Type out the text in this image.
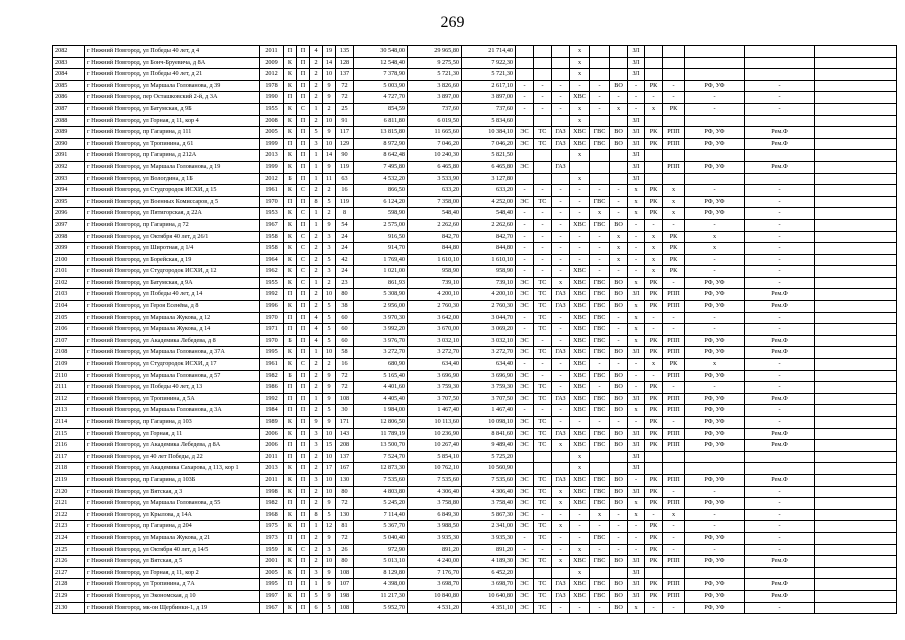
269
2082	г Нижний Новгород, ул Победы 40 лет, д 4	2011	П	П	4	19	135	30 548,00	29 965,80	21 714,40				х			ЗЛ					
2083	г Нижний Новгород, ул Бонч-Бруевича, д 8А	2009	К	П	2	14	128	12 548,40	9 275,50	7 922,30				х			ЗЛ					
2084	г Нижний Новгород, ул Победы 40 лет, д 21	2012	К	П	2	10	137	7 378,90	5 721,30	5 721,30				х			ЗЛ					
2085	г Нижний Новгород, ул Маршала Голованова, д 39	1978	К	П	2	9	72	5 003,90	3 826,60	2 617,10	-	-	-	-	-	ВО	-	РК	-	РФ, УФ	-	
2086	г Нижний Новгород, пер Осташковский 2-й, д 3А	1990	П	П	2	9	72	4 727,70	3 897,00	3 897,00	-	-	-	ХВС	-	-	-	-	-	-	-	
2087	г Нижний Новгород, ул Батумская, д 9Б	1955	К	С	1	2	25	854,59	737,60	737,60	-	-	-	х	-	х	-	х	РК	-	-	
2088	г Нижний Новгород, ул Горная, д 11, кор 4	2008	К	П	2	10	91	6 811,80	6 019,50	5 834,60				х			ЗЛ					
2089	г Нижний Новгород, пр Гагарина, д 111	2005	К	П	5	9	117	13 815,80	11 665,60	10 384,10	ЭС	ТС	ГАЗ	ХВС	ГВС	ВО	ЗЛ	РК	РПП	РФ, УФ	Рем.Ф	
2090	г Нижний Новгород, ул Тропинина, д 61	1999	П	П	3	10	129	8 972,90	7 046,20	7 046,20	ЭС	ТС	ГАЗ	ХВС	ГВС	ВО	ЗЛ	РК	РПП	РФ, УФ	Рем.Ф	
2091	г Нижний Новгород, пр Гагарина, д 212А	2013	К	П	1	14	90	8 642,48	10 240,30	5 821,50				х			ЗЛ					
2092	г Нижний Новгород, ул Маршала Голованова, д 19	1999	К	П	1	9	119	7 495,80	6 465,80	6 465,80	ЭС		ГАЗ				ЗЛ		РПП	РФ, УФ	Рем.Ф	
2093	г Нижний Новгород, ул Вологдина, д 1Б	2012	Б	П	1	11	63	4 532,20	3 533,90	3 127,80				х			ЗЛ					
2094	г Нижний Новгород, ул Студгородок ИСХИ, д 15	1961	К	С	2	2	16	866,50	633,20	633,20	-	-	-	-	-	-	х	РК	х	-	-	
2095	г Нижний Новгород, ул Военных Комиссаров, д 5	1970	П	П	8	5	119	6 124,20	7 358,00	4 252,00	ЭС	ТС	-	-	ГВС	-	х	РК	х	РФ, УФ	-	
2096	г Нижний Новгород, ул Пятигорская, д 22А	1953	К	С	1	2	8	598,90	548,40	548,40	-	-	-	-	х	-	х	РК	х	РФ, УФ	-	
2097	г Нижний Новгород, пр Гагарина, д 72	1967	К	П	1	9	54	2 575,00	2 262,60	2 262,60	-	-	-	ХВС	ГВС	ВО	-	-	-	-	-	
2098	г Нижний Новгород, ул Октября 40 лет, д 26/1	1958	К	С	2	3	24	916,50	842,70	842,70	-	-	-	-	-	х	-	х	РК	х	-	
2099	г Нижний Новгород, ул Широтная, д 1/4	1958	К	С	2	3	24	914,70	844,80	844,80	-	-	-	-	-	х	-	х	РК	х	-	
2100	г Нижний Новгород, ул Борейская, д 19	1964	К	С	2	5	42	1 769,40	1 610,10	1 610,10	-	-	-	-	-	х	-	х	РК	-	-	
2101	г Нижний Новгород, ул Студгородок ИСХИ, д 12	1962	К	С	2	3	24	1 021,00	958,90	958,90	-	-	-	ХВС	-	-	-	х	РК	-	-	
2102	г Нижний Новгород, ул Батумская, д 9А	1955	К	С	1	2	23	861,93	739,10	739,10	ЭС	ТС	х	ХВС	ГВС	ВО	х	РК	-	РФ, УФ	-	
2103	г Нижний Новгород, ул Победы 40 лет, д 14	1992	П	П	2	10	80	5 308,90	4 200,10	4 200,10	ЭС	ТС	ГАЗ	ХВС	ГВС	ВО	ЗЛ	РК	РПП	РФ, УФ	Рем.Ф	
2104	г Нижний Новгород, ул Героя Есенёва, д 8	1996	К	П	2	5	38	2 956,00	2 760,30	2 760,30	ЭС	ТС	ГАЗ	ХВС	ГВС	ВО	х	РК	РПП	РФ, УФ	Рем.Ф	
2105	г Нижний Новгород, ул Маршала Жукова, д 12	1970	П	П	4	5	60	3 970,30	3 642,00	3 044,70	-	ТС	-	ХВС	ГВС	-	х	-	-	-	-	
2106	г Нижний Новгород, ул Маршала Жукова, д 14	1971	П	П	4	5	60	3 992,20	3 670,00	3 069,20	-	ТС	-	ХВС	ГВС	-	х	-	-	-	-	
2107	г Нижний Новгород, ул Академика Лебедева, д 8	1970	Б	П	4	5	60	3 976,70	3 032,10	3 032,10	ЭС	-	-	ХВС	ГВС	-	х	РК	РПП	РФ, УФ	Рем.Ф	
2108	г Нижний Новгород, ул Маршала Голованова, д 37А	1995	К	П	1	10	58	3 272,70	3 272,70	3 272,70	ЭС	ТС	ГАЗ	ХВС	ГВС	ВО	ЗЛ	РК	РПП	РФ, УФ	Рем.Ф	
2109	г Нижний Новгород, ул Студгородок ИСХИ, д 17	1961	К	С	2	2	16	680,90	634,40	634,40	-	-	-	ХВС	-	-	-	х	РК	х	-	
2110	г Нижний Новгород, ул Маршала Голованова, д 57	1982	Б	П	2	9	72	5 165,40	3 696,90	3 696,90	ЭС	-	-	ХВС	ГВС	ВО	-	-	РПП	РФ, УФ	-	
2111	г Нижний Новгород, ул Победы 40 лет, д 13	1986	П	П	2	9	72	4 401,60	3 759,30	3 759,30	ЭС	ТС	-	ХВС	-	ВО	-	РК	-	-	-	
2112	г Нижний Новгород, ул Тропинина, д 5А	1992	П	П	1	9	108	4 405,40	3 707,50	3 707,50	ЭС	ТС	ГАЗ	ХВС	ГВС	ВО	ЗЛ	РК	РПП	РФ, УФ	Рем.Ф	
2113	г Нижний Новгород, ул Маршала Голованова, д 3А	1984	П	П	2	5	30	1 984,00	1 467,40	1 467,40	-	-	-	ХВС	ГВС	ВО	х	РК	РПП	РФ, УФ	-	
2114	г Нижний Новгород, пр Гагарина, д 103	1989	К	П	9	9	171	12 806,50	10 113,60	10 098,10	ЭС	ТС	-	-	-	-	-	РК	-	РФ, УФ	-	
2115	г Нижний Новгород, ул Горная, д 11	2006	К	П	3	10	143	11 789,19	10 236,90	8 841,60	ЭС	ТС	ГАЗ	ХВС	ГВС	ВО	ЗЛ	РК	РПП	РФ, УФ	Рем.Ф	
2116	г Нижний Новгород, ул Академика Лебедева, д 8А	2006	П	П	3	15	208	13 500,70	10 267,40	9 489,40	ЭС	ТС	х	ХВС	ГВС	ВО	ЗЛ	РК	РПП	РФ, УФ	Рем.Ф	
2117	г Нижний Новгород, ул 40 лет Победы, д 22	2011	П	П	2	10	137	7 524,70	5 854,10	5 725,20				х			ЗЛ					
2118	г Нижний Новгород, ул Академика Сахарова, д 113, кор 1	2013	К	П	2	17	167	12 873,30	10 762,10	10 560,90				х			ЗЛ					
2119	г Нижний Новгород, пр Гагарина, д 103Б	2011	К	П	3	10	130	7 535,60	7 535,60	7 535,60	ЭС	ТС	ГАЗ	ХВС	ГВС	ВО	-	РК	РПП	РФ, УФ	Рем.Ф	
2120	г Нижний Новгород, ул Вятская, д 3	1998	К	П	2	10	80	4 803,80	4 306,40	4 306,40	ЭС	ТС	х	ХВС	ГВС	ВО	ЗЛ	РК	-	-	-	
2121	г Нижний Новгород, ул Маршала Голованова, д 55	1982	П	П	2	9	72	5 245,20	3 758,80	3 758,40	ЭС	ТС	х	ХВС	ГВС	ВО	х	РК	РПП	РФ, УФ	-	
2122	г Нижний Новгород, ул Крылова, д 14А	1968	К	П	8	5	130	7 114,40	6 849,30	5 867,30	ЭС	-	-	-	х	-	х	-	х	-	-	
2123	г Нижний Новгород, пр Гагарина, д 204	1975	К	П	1	12	81	5 367,70	3 988,50	2 341,00	ЭС	ТС	х	-	-	-	-	РК	-	-	-	
2124	г Нижний Новгород, ул Маршала Жукова, д 21	1973	П	П	2	9	72	5 040,40	3 935,30	3 935,30	-	ТС	-	-	ГВС	-	-	РК	-	РФ, УФ	-	
2125	г Нижний Новгород, ул Октября 40 лет, д 14/5	1959	К	С	2	3	26	972,90	891,20	891,20	-	-	-	х	-	-	-	РК	-	-	-	
2126	г Нижний Новгород, ул Вятская, д 5	2001	К	П	2	10	80	5 013,10	4 240,00	4 189,30	ЭС	ТС	х	ХВС	ГВС	ВО	ЗЛ	РК	РПП	РФ, УФ	Рем.Ф	
2127	г Нижний Новгород, ул Горная, д 11, кор 2	2005	К	П	3	9	108	8 129,80	7 176,70	6 452,20				х			ЗЛ					
2128	г Нижний Новгород, ул Тропинина, д 7А	1995	П	П	1	9	107	4 398,00	3 698,70	3 698,70	ЭС	ТС	ГАЗ	ХВС	ГВС	ВО	ЗЛ	РК	РПП	РФ, УФ	Рем.Ф	
2129	г Нижний Новгород, ул Экономская, д 10	1997	К	П	5	9	198	11 217,30	10 840,80	10 640,80	ЭС	ТС	ГАЗ	ХВС	ГВС	ВО	ЗЛ	РК	РПП	РФ, УФ	Рем.Ф	
2130	г Нижний Новгород, мк-он Щербинки-1, д 19	1967	К	П	6	5	108	5 952,70	4 531,20	4 351,10	ЭС	ТС	-	-	-	ВО	х	-	-	РФ, УФ	-	
